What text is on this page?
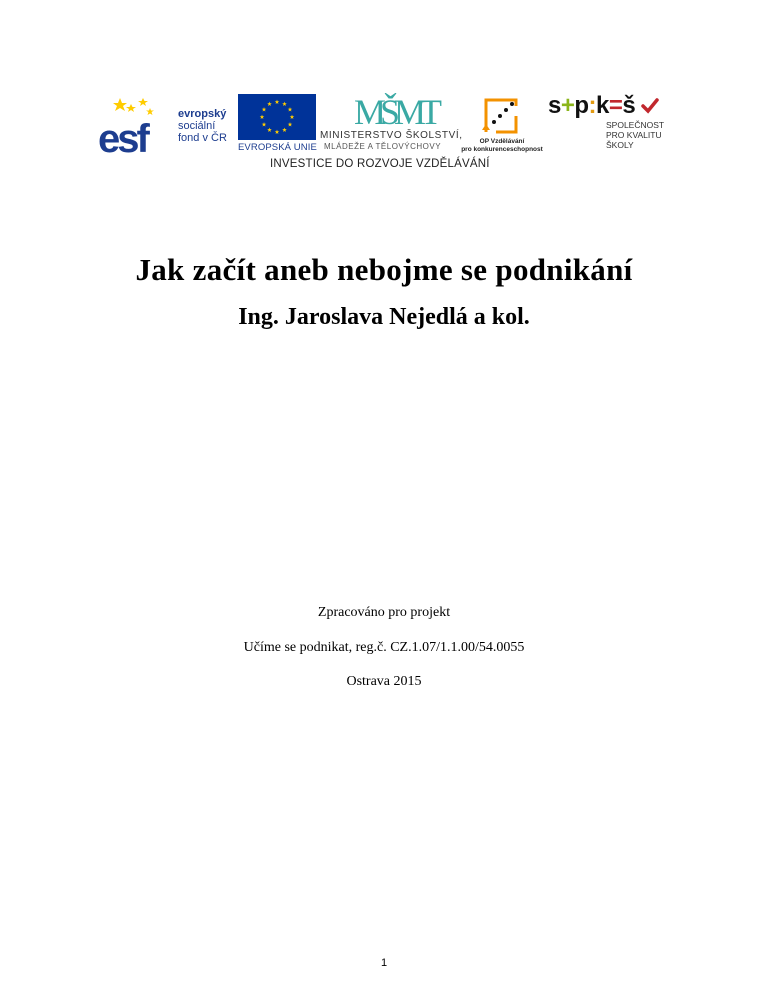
esf
evropský
sociální
fond v ČR
EVROPSKÁ UNIE
MŠMT
MINISTERSTVO ŠKOLSTVÍ,
MLÁDEŽE A TĚLOVÝCHOVY
OP Vzdělávání
pro konkurenceschopnost
s+p:k=š
SPOLEČNOST
PRO KVALITU
ŠKOLY
INVESTICE DO ROZVOJE VZDĚLÁVÁNÍ
Jak začít aneb nebojme se podnikání
Ing. Jaroslava Nejedlá a kol.
Zpracováno pro projekt
Učíme se podnikat, reg.č. CZ.1.07/1.1.00/54.0055
Ostrava 2015
1
